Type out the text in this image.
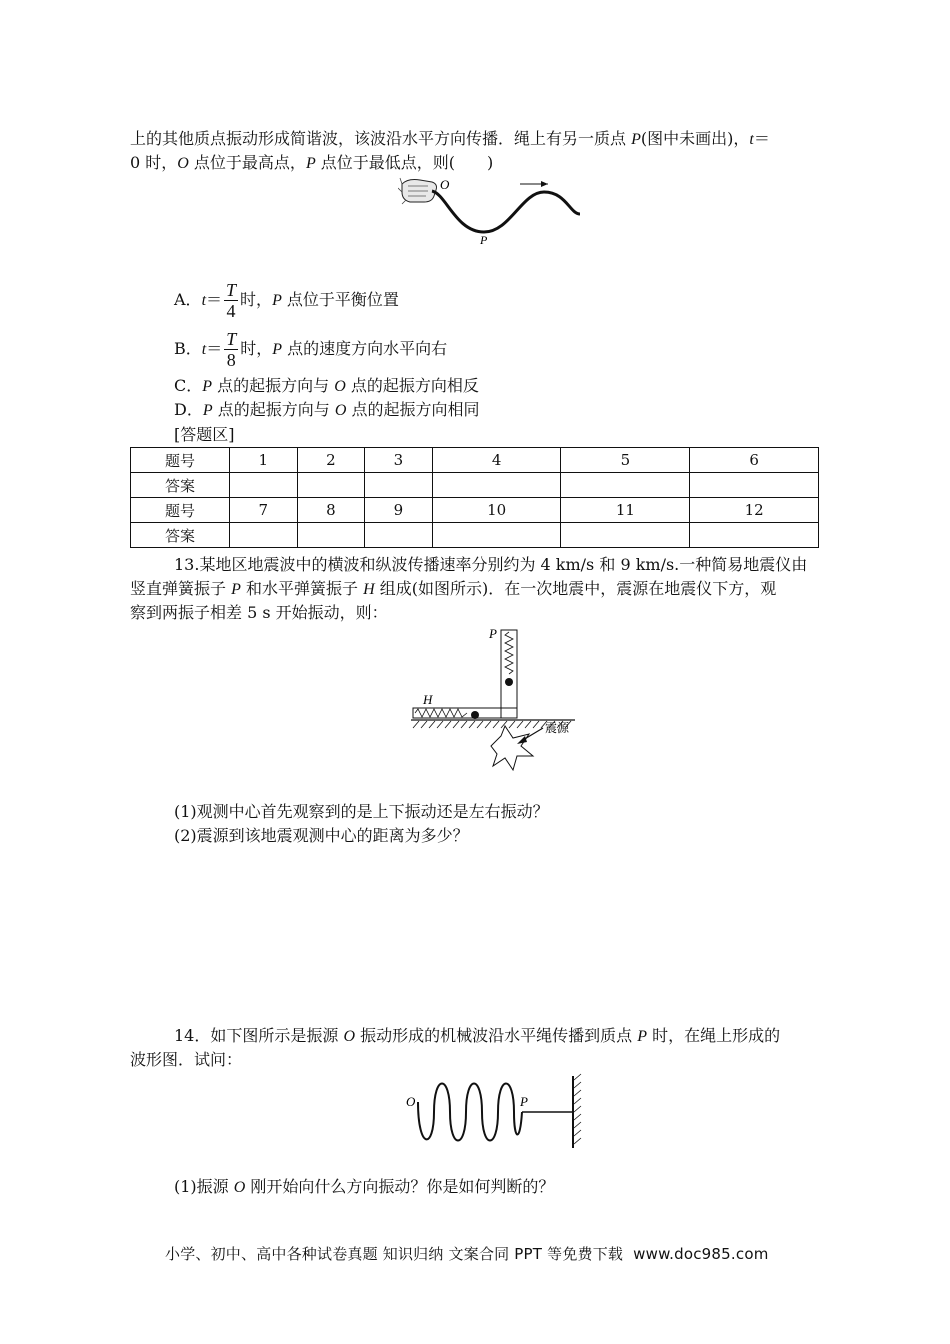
上的其他质点振动形成简谐波，该波沿水平方向传播．绳上有另一质点 P(图中未画出)，t＝
0 时，O 点位于最高点，P 点位于最低点，则(　　)
O
P
A．$t= \frac{T}{4}$ 时，P 点位于平衡位置
B．$t= \frac{T}{8}$ 时，P 点的速度方向水平向右
C．P 点的起振方向与 O 点的起振方向相反
D．P 点的起振方向与 O 点的起振方向相同
[答题区]
题号	1	2	3	4	5	6
答案						
题号	7	8	9	10	11	12
答案						
13.某地区地震波中的横波和纵波传播速率分别约为 4 km/s 和 9 km/s.一种简易地震仪由
竖直弹簧振子 P 和水平弹簧振子 H 组成(如图所示)．在一次地震中，震源在地震仪下方，观
察到两振子相差 5 s 开始振动，则：
P
H
震源
(1)观测中心首先观察到的是上下振动还是左右振动？
(2)震源到该地震观测中心的距离为多少？
14．如下图所示是振源 O 振动形成的机械波沿水平绳传播到质点 P 时，在绳上形成的
波形图．试问：
O	P
(1)振源 O 刚开始向什么方向振动？你是如何判断的？
小学、初中、高中各种试卷真题 知识归纳 文案合同 PPT 等免费下载 www.doc985.com
